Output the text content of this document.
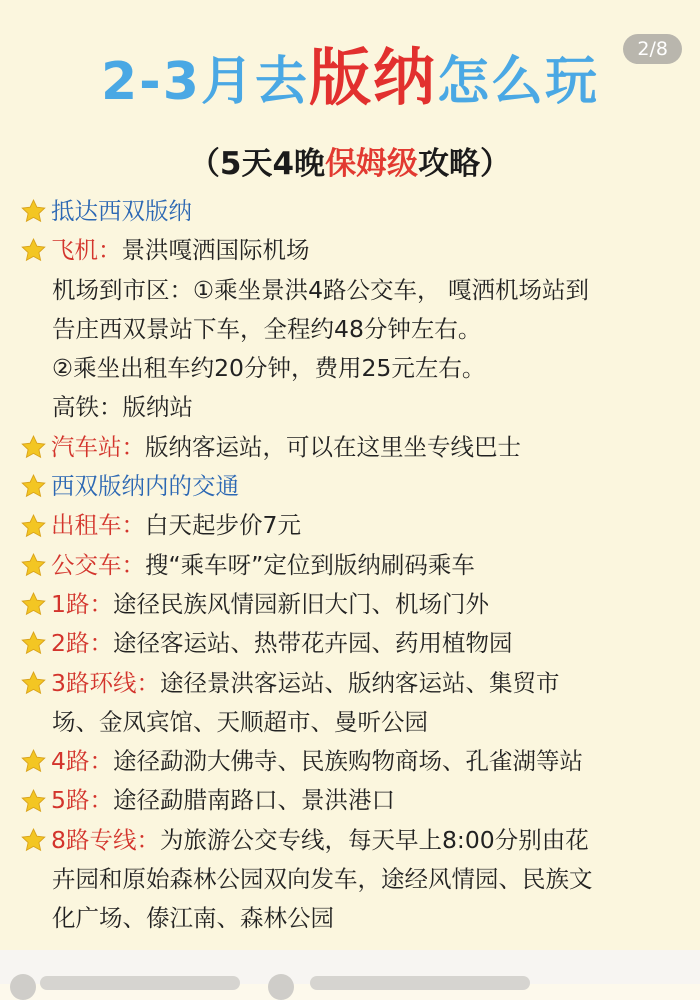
2/8
2-3月去版纳怎么玩
（5天4晚保姆级攻略）
抵达西双版纳
飞机： 景洪嘎洒国际机场
机场到市区：①乘坐景洪4路公交车， 嘎洒机场站到
告庄西双景站下车，全程约48分钟左右。
②乘坐出租车约20分钟，费用25元左右。
高铁：版纳站
汽车站： 版纳客运站，可以在这里坐专线巴士
西双版纳内的交通
出租车： 白天起步价7元
公交车： 搜“乘车呀”定位到版纳刷码乘车
1路： 途径民族风情园新旧大门、机场门外
2路： 途径客运站、热带花卉园、药用植物园
3路环线： 途径景洪客运站、版纳客运站、集贸市
场、金凤宾馆、天顺超市、曼听公园
4路： 途径勐泐大佛寺、民族购物商场、孔雀湖等站
5路： 途径勐腊南路口、景洪港口
8路专线： 为旅游公交专线，每天早上8:00分别由花
卉园和原始森林公园双向发车，途经风情园、民族文
化广场、傣江南、森林公园
